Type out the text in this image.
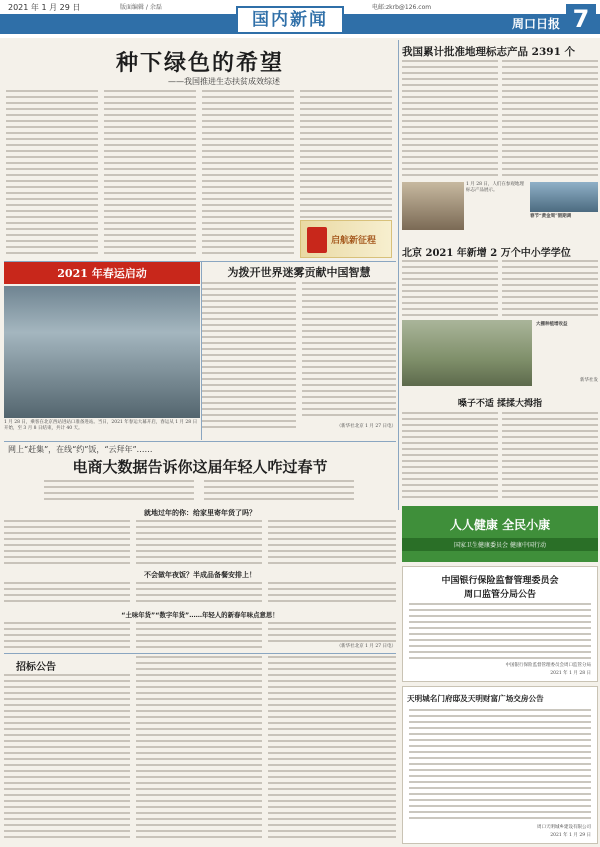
2021 年 1 月 29 日	版面编辑 / 余磊
国内新闻
电邮:zkrb@126.com
周口日报 7
种下绿色的希望
——我国推进生态扶贫成效综述
启航新征程
我国累计批准地理标志产品 2391 个
1 月 28 日，人们在参观地理标志产品展示。
春节“黄金周”假期调
北京 2021 年新增 2 万个中小学学位
大棚种植增收益
新华社发
2021 年春运启动
1 月 28 日，乘客在北京西站进站口准备进站。当日，2021 年春运大幕开启，春运从 1 月 28 日开始，至 3 月 8 日结束，共计 40 天。
为拨开世界迷雾贡献中国智慧
（新华社北京 1 月 27 日电）
嗓子不适 揉揉大拇指
网上“赶集”，在线“约”饭，“云拜年”……
电商大数据告诉你这届年轻人咋过春节
就地过年的你：给家里寄年货了吗？
不会做年夜饭？半成品备餐安排上！
“土味年货”“数字年货”……年轻人的新春年味点意思！
（新华社北京 1 月 27 日电）
人人健康 全民小康
国家卫生健康委员会 健康中国行动
中国银行保险监督管理委员会
周口监管分局公告
中国银行保险监督管理委员会周口监管分局
2021 年 1 月 28 日
天明城名门府邸及天明财富广场交房公告
周口天明城乡建设有限公司
2021 年 1 月 29 日
招标公告
